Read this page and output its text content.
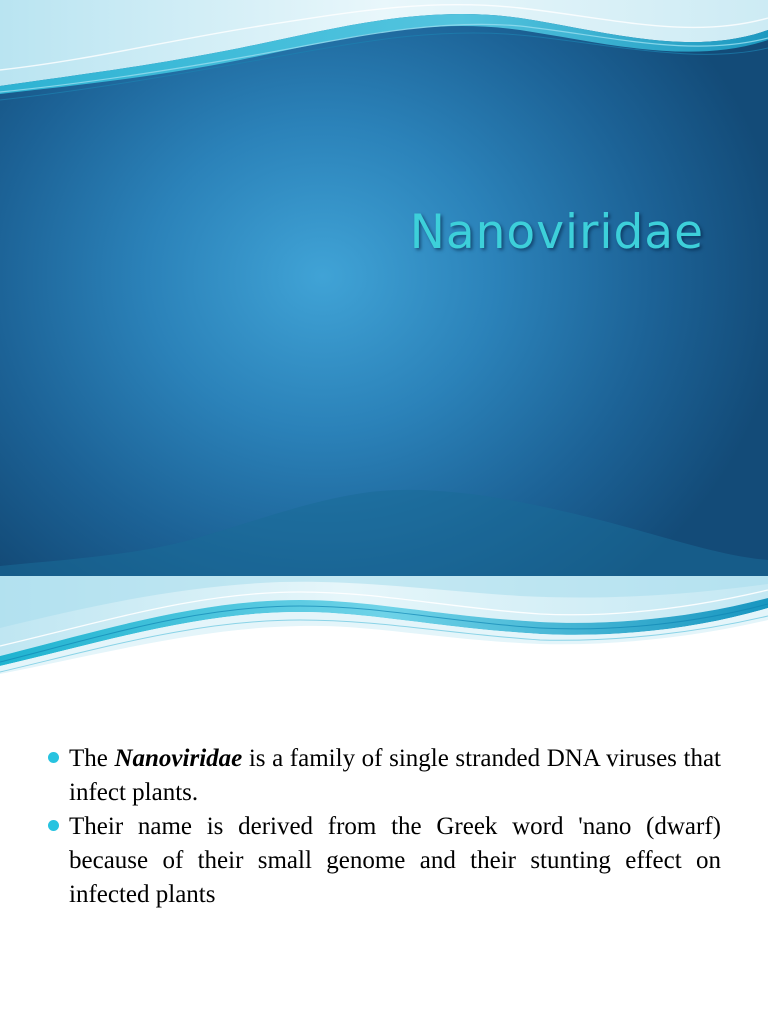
Nanoviridae
The Nanoviridae is a family of single stranded DNA viruses that infect plants.
Their name is derived from the Greek word 'nano (dwarf) because of their small genome and their stunting effect on infected plants
